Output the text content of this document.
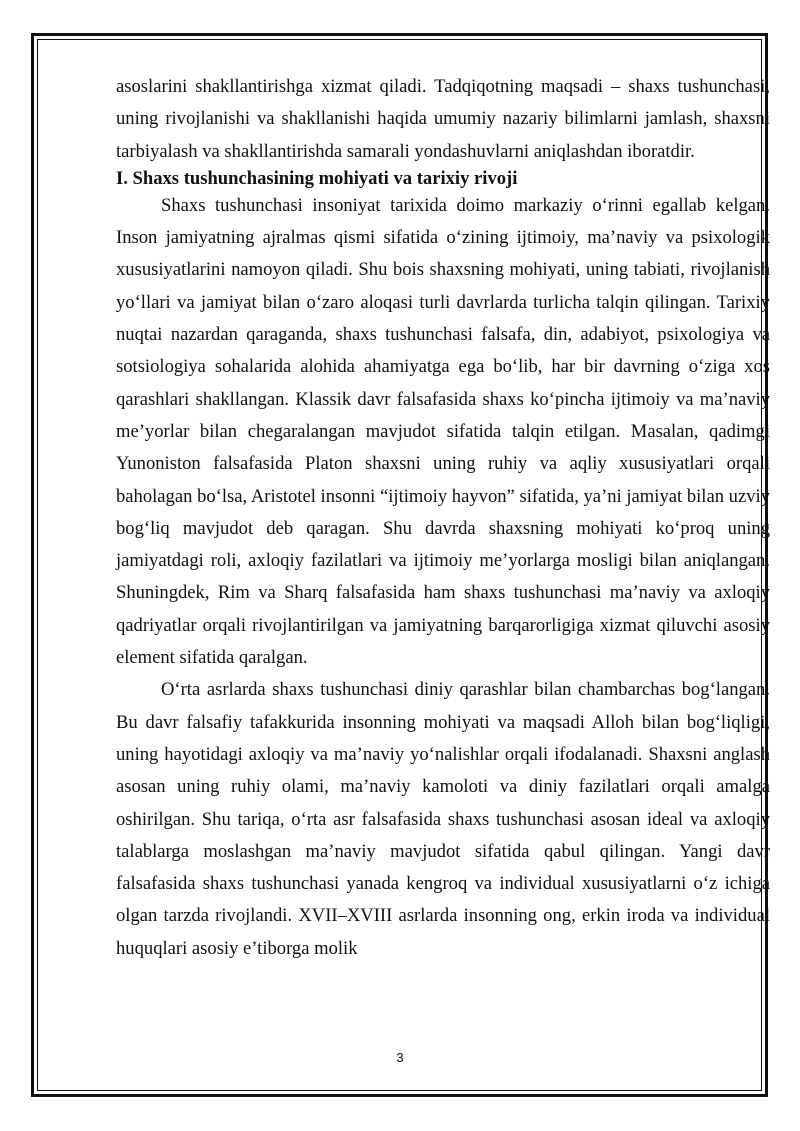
asoslarini shakllantirishga xizmat qiladi. Tadqiqotning maqsadi – shaxs tushunchasi, uning rivojlanishi va shakllanishi haqida umumiy nazariy bilimlarni jamlash, shaxsni tarbiyalash va shakllantirishda samarali yondashuvlarni aniqlashdan iboratdir.

I. Shaxs tushunchasining mohiyati va tarixiy rivoji

Shaxs tushunchasi insoniyat tarixida doimo markaziy o‘rinni egallab kelgan. Inson jamiyatning ajralmas qismi sifatida o‘zining ijtimoiy, ma’naviy va psixologik xususiyatlarini namoyon qiladi. Shu bois shaxsning mohiyati, uning tabiati, rivojlanish yo‘llari va jamiyat bilan o‘zaro aloqasi turli davrlarda turlicha talqin qilingan. Tarixiy nuqtai nazardan qaraganda, shaxs tushunchasi falsafa, din, adabiyot, psixologiya va sotsiologiya sohalarida alohida ahamiyatga ega bo‘lib, har bir davrning o‘ziga xos qarashlari shakllangan. Klassik davr falsafasida shaxs ko‘pincha ijtimoiy va ma’naviy me’yorlar bilan chegaralangan mavjudot sifatida talqin etilgan. Masalan, qadimgi Yunoniston falsafasida Platon shaxsni uning ruhiy va aqliy xususiyatlari orqali baholagan bo‘lsa, Aristotel insonni “ijtimoiy hayvon” sifatida, ya’ni jamiyat bilan uzviy bog‘liq mavjudot deb qaragan. Shu davrda shaxsning mohiyati ko‘proq uning jamiyatdagi roli, axloqiy fazilatlari va ijtimoiy me’yorlarga mosligi bilan aniqlangan. Shuningdek, Rim va Sharq falsafasida ham shaxs tushunchasi ma’naviy va axloqiy qadriyatlar orqali rivojlantirilgan va jamiyatning barqarorligiga xizmat qiluvchi asosiy element sifatida qaralgan.

O‘rta asrlarda shaxs tushunchasi diniy qarashlar bilan chambarchas bog‘langan. Bu davr falsafiy tafakkurida insonning mohiyati va maqsadi Alloh bilan bog‘liqligi, uning hayotidagi axloqiy va ma’naviy yo‘nalishlar orqali ifodalanadi. Shaxsni anglash asosan uning ruhiy olami, ma’naviy kamoloti va diniy fazilatlari orqali amalga oshirilgan. Shu tariqa, o‘rta asr falsafasida shaxs tushunchasi asosan ideal va axloqiy talablarga moslashgan ma’naviy mavjudot sifatida qabul qilingan. Yangi davr falsafasida shaxs tushunchasi yanada kengroq va individual xususiyatlarni o‘z ichiga olgan tarzda rivojlandi. XVII–XVIII asrlarda insonning ong, erkin iroda va individual huquqlari asosiy e’tiborga molik

3
